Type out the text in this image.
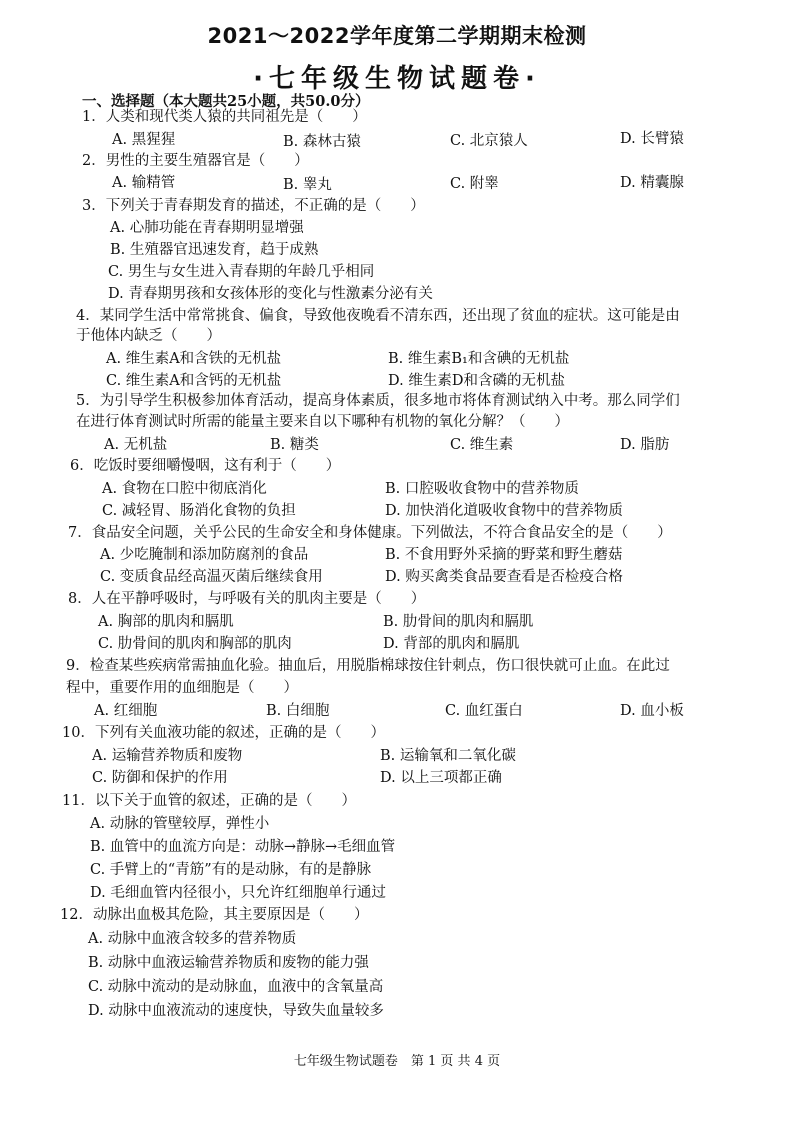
2021～2022学年度第二学期期末检测
·七年级生物试题卷·
一、选择题（本大题共25小题，共50.0分）
1．人类和现代类人猿的共同祖先是（　　）
A. 黑猩猩	B. 森林古猿	C. 北京猿人	D. 长臂猿
2．男性的主要生殖器官是（　　）
A. 输精管	B. 睾丸	C. 附睾	D. 精囊腺
3．下列关于青春期发育的描述，不正确的是（　　）
A. 心肺功能在青春期明显增强
B. 生殖器官迅速发育，趋于成熟
C. 男生与女生进入青春期的年龄几乎相同
D. 青春期男孩和女孩体形的变化与性激素分泌有关
4．某同学生活中常常挑食、偏食，导致他夜晚看不清东西，还出现了贫血的症状。这可能是由
于他体内缺乏（　　）
A. 维生素A和含铁的无机盐	B. 维生素B₁和含碘的无机盐
C. 维生素A和含钙的无机盐	D. 维生素D和含磷的无机盐
5．为引导学生积极参加体育活动，提高身体素质，很多地市将体育测试纳入中考。那么同学们
在进行体育测试时所需的能量主要来自以下哪种有机物的氧化分解？（　　）
A. 无机盐	B. 糖类	C. 维生素	D. 脂肪
6．吃饭时要细嚼慢咽，这有利于（　　）
A. 食物在口腔中彻底消化	B. 口腔吸收食物中的营养物质
C. 减轻胃、肠消化食物的负担	D. 加快消化道吸收食物中的营养物质
7．食品安全问题，关乎公民的生命安全和身体健康。下列做法，不符合食品安全的是（　　）
A. 少吃腌制和添加防腐剂的食品	B. 不食用野外采摘的野菜和野生蘑菇
C. 变质食品经高温灭菌后继续食用	D. 购买禽类食品要查看是否检疫合格
8．人在平静呼吸时，与呼吸有关的肌肉主要是（　　）
A. 胸部的肌肉和膈肌	B. 肋骨间的肌肉和膈肌
C. 肋骨间的肌肉和胸部的肌肉	D. 背部的肌肉和膈肌
9．检查某些疾病常需抽血化验。抽血后，用脱脂棉球按住针刺点，伤口很快就可止血。在此过
程中，重要作用的血细胞是（　　）
A. 红细胞	B. 白细胞	C. 血红蛋白	D. 血小板
10．下列有关血液功能的叙述，正确的是（　　）
A. 运输营养物质和废物	B. 运输氧和二氧化碳
C. 防御和保护的作用	D. 以上三项都正确
11．以下关于血管的叙述，正确的是（　　）
A. 动脉的管壁较厚，弹性小
B. 血管中的血流方向是：动脉→静脉→毛细血管
C. 手臂上的“青筋”有的是动脉，有的是静脉
D. 毛细血管内径很小，只允许红细胞单行通过
12．动脉出血极其危险，其主要原因是（　　）
A. 动脉中血液含较多的营养物质
B. 动脉中血液运输营养物质和废物的能力强
C. 动脉中流动的是动脉血，血液中的含氧量高
D. 动脉中血液流动的速度快，导致失血量较多
七年级生物试题卷　第 1 页 共 4 页
